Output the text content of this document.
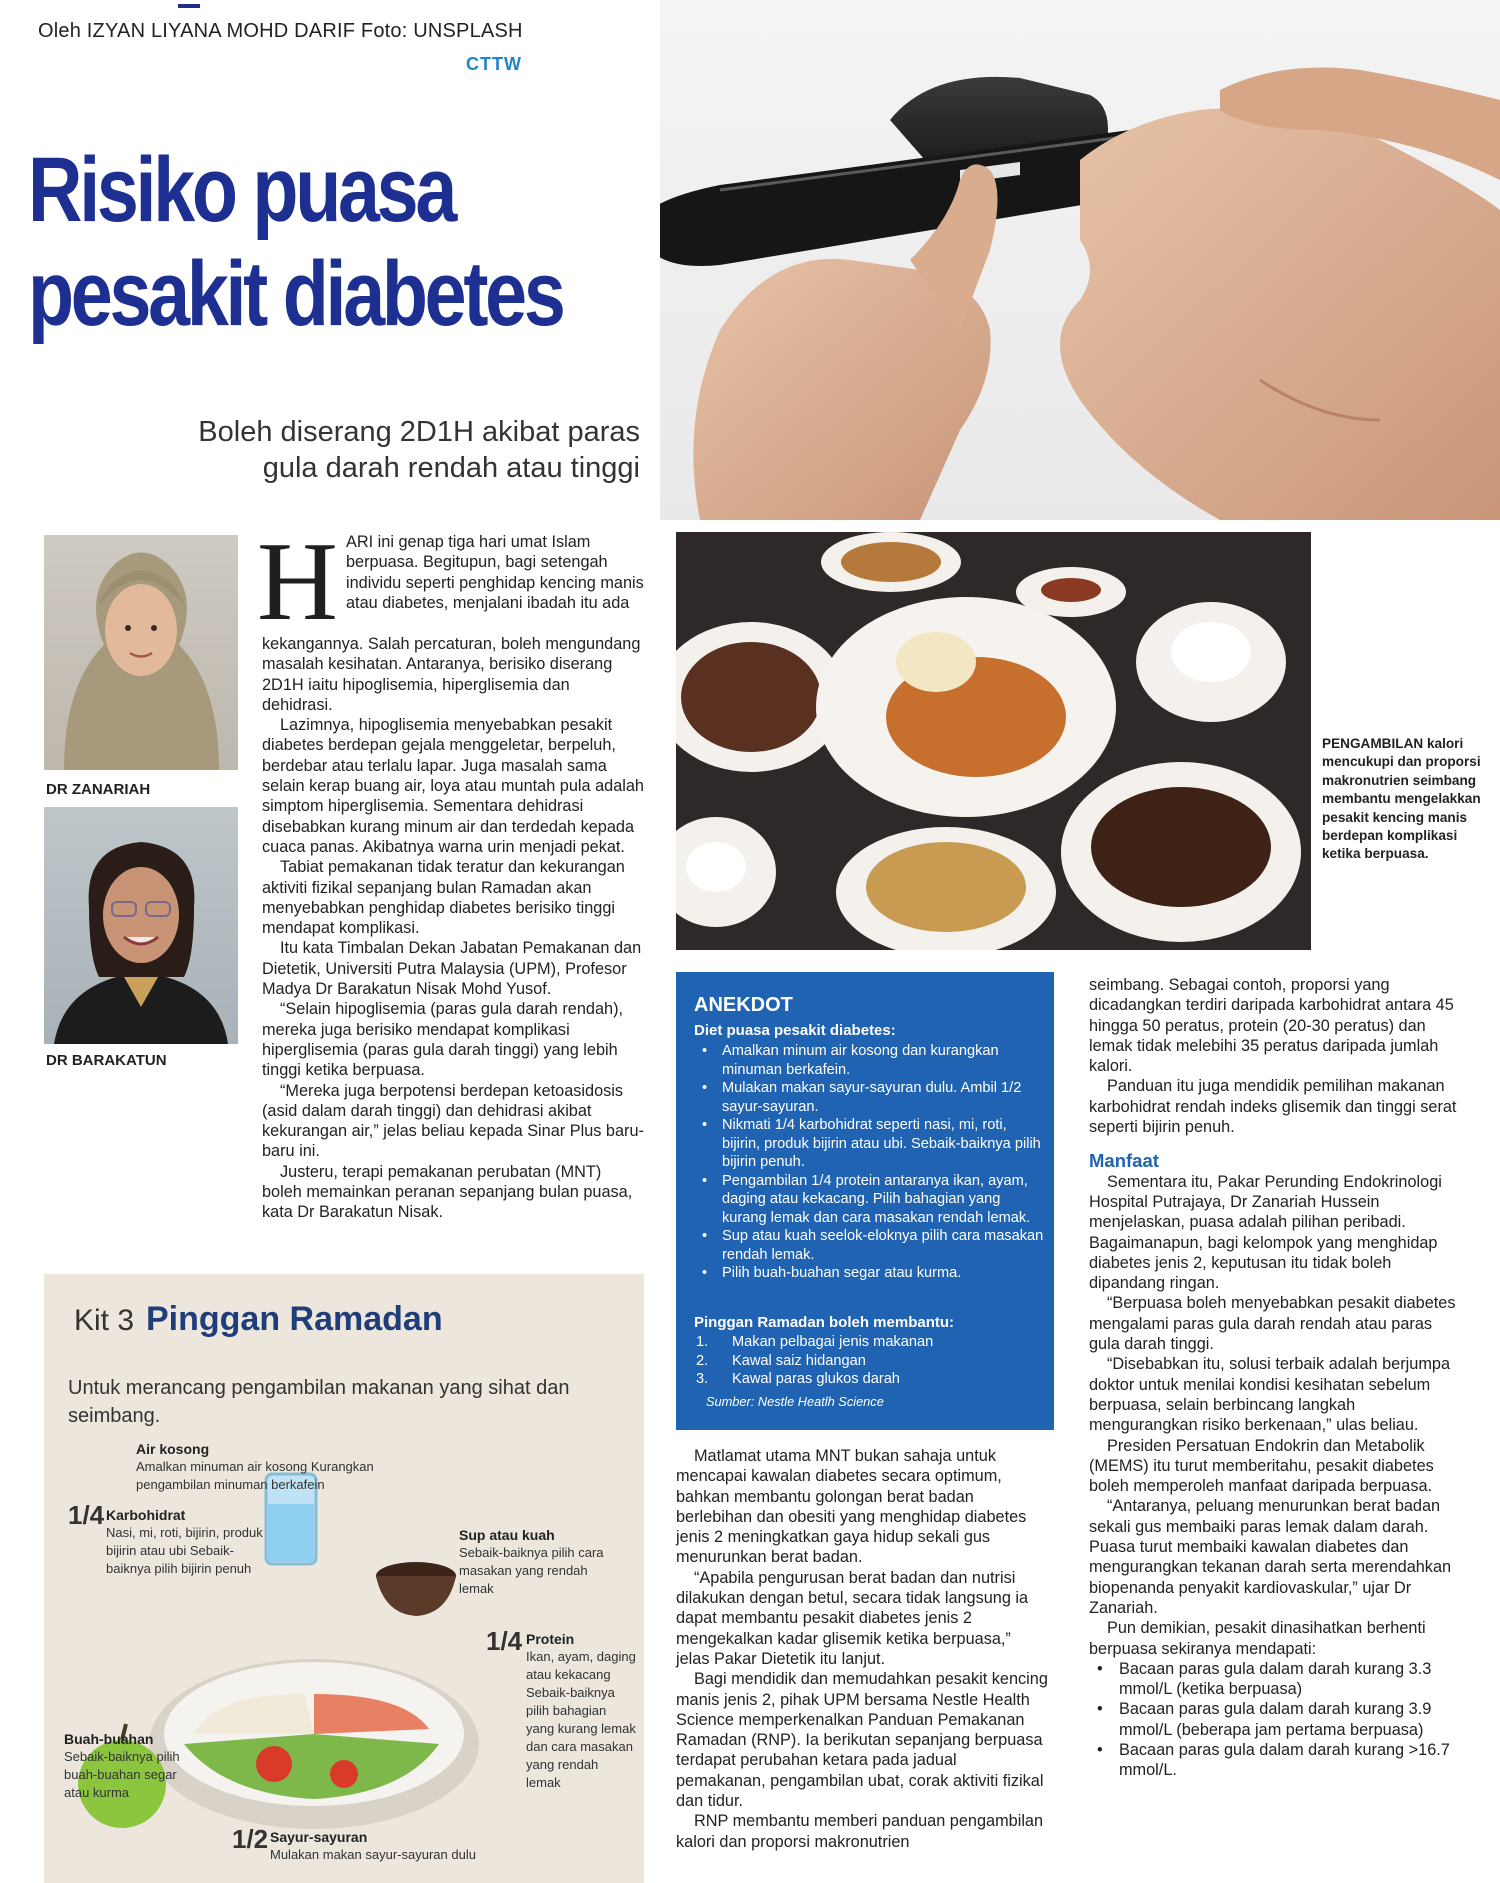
Oleh IZYAN LIYANA MOHD DARIF Foto: UNSPLASH
CTTW
Risiko puasa
pesakit diabetes
Boleh diserang 2D1H akibat paras
gula darah rendah atau tinggi
DR ZANARIAH
DR BARAKATUN
H ARI ini genap tiga hari umat Islam berpuasa. Begitupun, bagi setengah individu seperti penghidap kencing manis atau diabetes, menjalani ibadah itu ada

kekangannya. Salah percaturan, boleh mengundang masalah kesihatan. Antaranya, berisiko diserang 2D1H iaitu hipoglisemia, hiperglisemia dan dehidrasi.

Lazimnya, hipoglisemia menyebabkan pesakit diabetes berdepan gejala menggeletar, berpeluh, berdebar atau terlalu lapar. Juga masalah sama selain kerap buang air, loya atau muntah pula adalah simptom hiperglisemia. Sementara dehidrasi disebabkan kurang minum air dan terdedah kepada cuaca panas. Akibatnya warna urin menjadi pekat.

Tabiat pemakanan tidak teratur dan kekurangan aktiviti fizikal sepanjang bulan Ramadan akan menyebabkan penghidap diabetes berisiko tinggi mendapat komplikasi.

Itu kata Timbalan Dekan Jabatan Pemakanan dan Dietetik, Universiti Putra Malaysia (UPM), Profesor Madya Dr Barakatun Nisak Mohd Yusof.

“Selain hipoglisemia (paras gula darah rendah), mereka juga berisiko mendapat komplikasi hiperglisemia (paras gula darah tinggi) yang lebih tinggi ketika berpuasa.

“Mereka juga berpotensi berdepan ketoasidosis (asid dalam darah tinggi) dan dehidrasi akibat kekurangan air,” jelas beliau kepada Sinar Plus baru-baru ini.

Justeru, terapi pemakanan perubatan (MNT) boleh memainkan peranan sepanjang bulan puasa, kata Dr Barakatun Nisak.

PENGAMBILAN kalori mencukupi dan proporsi makronutrien seimbang membantu mengelakkan pesakit kencing manis berdepan komplikasi ketika berpuasa.
ANEKDOT
Diet puasa pesakit diabetes:
• Amalkan minum air kosong dan kurangkan minuman berkafein.
• Mulakan makan sayur-sayuran dulu. Ambil 1/2 sayur-sayuran.
• Nikmati 1/4 karbohidrat seperti nasi, mi, roti, bijirin, produk bijirin atau ubi. Sebaik-baiknya pilih bijirin penuh.
• Pengambilan 1/4 protein antaranya ikan, ayam, daging atau kekacang. Pilih bahagian yang kurang lemak dan cara masakan rendah lemak.
• Sup atau kuah seelok-eloknya pilih cara masakan rendah lemak.
• Pilih buah-buahan segar atau kurma.
Pinggan Ramadan boleh membantu:
1. Makan pelbagai jenis makanan
2. Kawal saiz hidangan
3. Kawal paras glukos darah
Sumber: Nestle Heatlh Science

Matlamat utama MNT bukan sahaja untuk mencapai kawalan diabetes secara optimum, bahkan membantu golongan berat badan berlebihan dan obesiti yang menghidap diabetes jenis 2 meningkatkan gaya hidup sekali gus menurunkan berat badan.

“Apabila pengurusan berat badan dan nutrisi dilakukan dengan betul, secara tidak langsung ia dapat membantu pesakit diabetes jenis 2 mengekalkan kadar glisemik ketika berpuasa,” jelas Pakar Dietetik itu lanjut.

Bagi mendidik dan memudahkan pesakit kencing manis jenis 2, pihak UPM bersama Nestle Health Science memperkenalkan Panduan Pemakanan Ramadan (RNP). Ia berikutan sepanjang berpuasa terdapat perubahan ketara pada jadual pemakanan, pengambilan ubat, corak aktiviti fizikal dan tidur.

RNP membantu memberi panduan pengambilan kalori dan proporsi makronutrien

seimbang. Sebagai contoh, proporsi yang dicadangkan terdiri daripada karbohidrat antara 45 hingga 50 peratus, protein (20-30 peratus) dan lemak tidak melebihi 35 peratus daripada jumlah kalori.

Panduan itu juga mendidik pemilihan makanan karbohidrat rendah indeks glisemik dan tinggi serat seperti bijirin penuh.

Manfaat

Sementara itu, Pakar Perunding Endokrinologi Hospital Putrajaya, Dr Zanariah Hussein menjelaskan, puasa adalah pilihan peribadi. Bagaimanapun, bagi kelompok yang menghidap diabetes jenis 2, keputusan itu tidak boleh dipandang ringan.

“Berpuasa boleh menyebabkan pesakit diabetes mengalami paras gula darah rendah atau paras gula darah tinggi.

“Disebabkan itu, solusi terbaik adalah berjumpa doktor untuk menilai kondisi kesihatan sebelum berpuasa, selain berbincang langkah mengurangkan risiko berkenaan,” ulas beliau.

Presiden Persatuan Endokrin dan Metabolik (MEMS) itu turut memberitahu, pesakit diabetes boleh memperoleh manfaat daripada berpuasa.

“Antaranya, peluang menurunkan berat badan sekali gus membaiki paras lemak dalam darah. Puasa turut membaiki kawalan diabetes dan mengurangkan tekanan darah serta merendahkan biopenanda penyakit kardiovaskular,” ujar Dr Zanariah.

Pun demikian, pesakit dinasihatkan berhenti berpuasa sekiranya mendapati:

• Bacaan paras gula dalam darah kurang 3.3 mmol/L (ketika berpuasa)
• Bacaan paras gula dalam darah kurang 3.9 mmol/L (beberapa jam pertama berpuasa)
• Bacaan paras gula dalam darah kurang >16.7 mmol/L.
Kit 3 Pinggan Ramadan
Untuk merancang pengambilan makanan yang sihat dan seimbang.
Air kosong
Amalkan minuman air kosong Kurangkan pengambilan minuman berkafein
1/4 Karbohidrat
Nasi, mi, roti, bijirin, produk bijirin atau ubi Sebaik-baiknya pilih bijirin penuh
Sup atau kuah
Sebaik-baiknya pilih cara masakan yang rendah lemak
1/4 Protein
Ikan, ayam, daging atau kekacang Sebaik-baiknya pilih bahagian yang kurang lemak dan cara masakan yang rendah lemak
Buah-buahan
Sebaik-baiknya pilih buah-buahan segar atau kurma
1/2 Sayur-sayuran
Mulakan makan sayur-sayuran dulu
